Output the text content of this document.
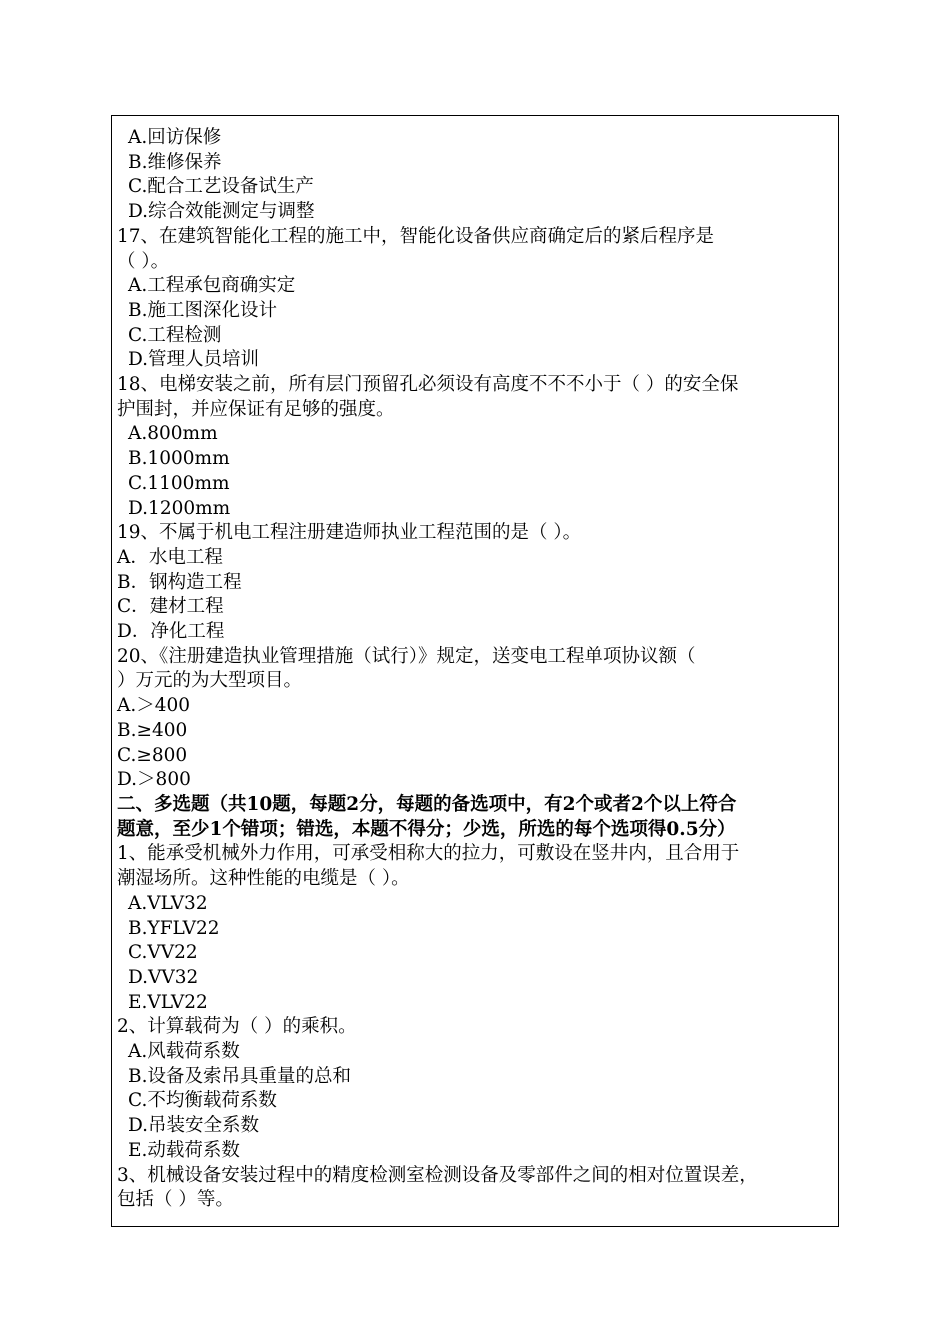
A.回访保修
B.维修保养
C.配合工艺设备试生产
D.综合效能测定与调整
17、在建筑智能化工程的施工中，智能化设备供应商确定后的紧后程序是
（ ）。
A.工程承包商确实定
B.施工图深化设计
C.工程检测
D.管理人员培训
18、电梯安装之前，所有层门预留孔必须设有高度不不不小于（ ）的安全保
护围封，并应保证有足够的强度。
A.800mm
B.1000mm
C.1100mm
D.1200mm
19、不属于机电工程注册建造师执业工程范围的是（ ）。
A．水电工程
B．钢构造工程
C．建材工程
D．净化工程
20、《注册建造执业管理措施（试行）》规定，送变电工程单项协议额（
）万元的为大型项目。
A.＞400
B.≥400
C.≥800
D.＞800
二、多选题（共10题，每题2分，每题的备选项中，有2个或者2个以上符合
题意，至少1个错项；错选，本题不得分；少选，所选的每个选项得0.5分）
1、能承受机械外力作用，可承受相称大的拉力，可敷设在竖井内，且合用于
潮湿场所。这种性能的电缆是（ ）。
A.VLV32
B.YFLV22
C.VV22
D.VV32
E.VLV22
2、计算载荷为（ ）的乘积。
A.风载荷系数
B.设备及索吊具重量的总和
C.不均衡载荷系数
D.吊装安全系数
E.动载荷系数
3、机械设备安装过程中的精度检测室检测设备及零部件之间的相对位置误差，
包括（ ）等。
